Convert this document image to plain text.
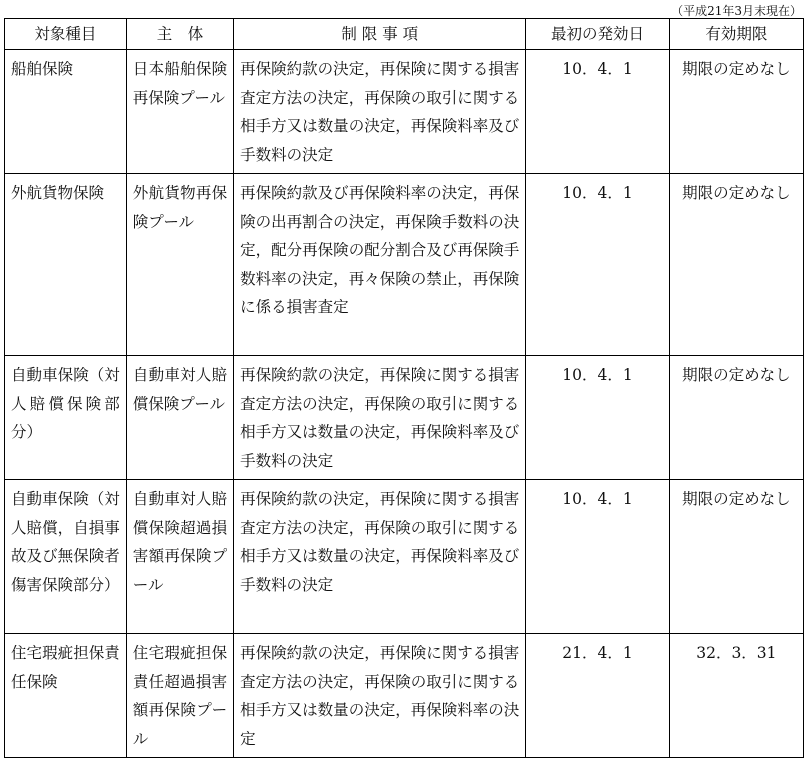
（平成21年3月末現在）
対象種目	主　体	制 限 事 項	最初の発効日	有効期限
船舶保険	日本船舶保険再保険プール	再保険約款の決定，再保険に関する損害査定方法の決定，再保険の取引に関する相手方又は数量の決定，再保険料率及び手数料の決定	10．4．1	期限の定めなし
外航貨物保険	外航貨物再保険プール	再保険約款及び再保険料率の決定，再保険の出再割合の決定，再保険手数料の決定，配分再保険の配分割合及び再保険手数料率の決定，再々保険の禁止，再保険に係る損害査定	10．4．1	期限の定めなし
自動車保険（対人賠償保険部分）	自動車対人賠償保険プール	再保険約款の決定，再保険に関する損害査定方法の決定，再保険の取引に関する相手方又は数量の決定，再保険料率及び手数料の決定	10．4．1	期限の定めなし
自動車保険（対人賠償，自損事故及び無保険者傷害保険部分）	自動車対人賠償保険超過損害額再保険プール	再保険約款の決定，再保険に関する損害査定方法の決定，再保険の取引に関する相手方又は数量の決定，再保険料率及び手数料の決定	10．4．1	期限の定めなし
住宅瑕疵担保責任保険	住宅瑕疵担保責任超過損害額再保険プール	再保険約款の決定，再保険に関する損害査定方法の決定，再保険の取引に関する相手方又は数量の決定，再保険料率の決定	21．4．1	32．3．31
